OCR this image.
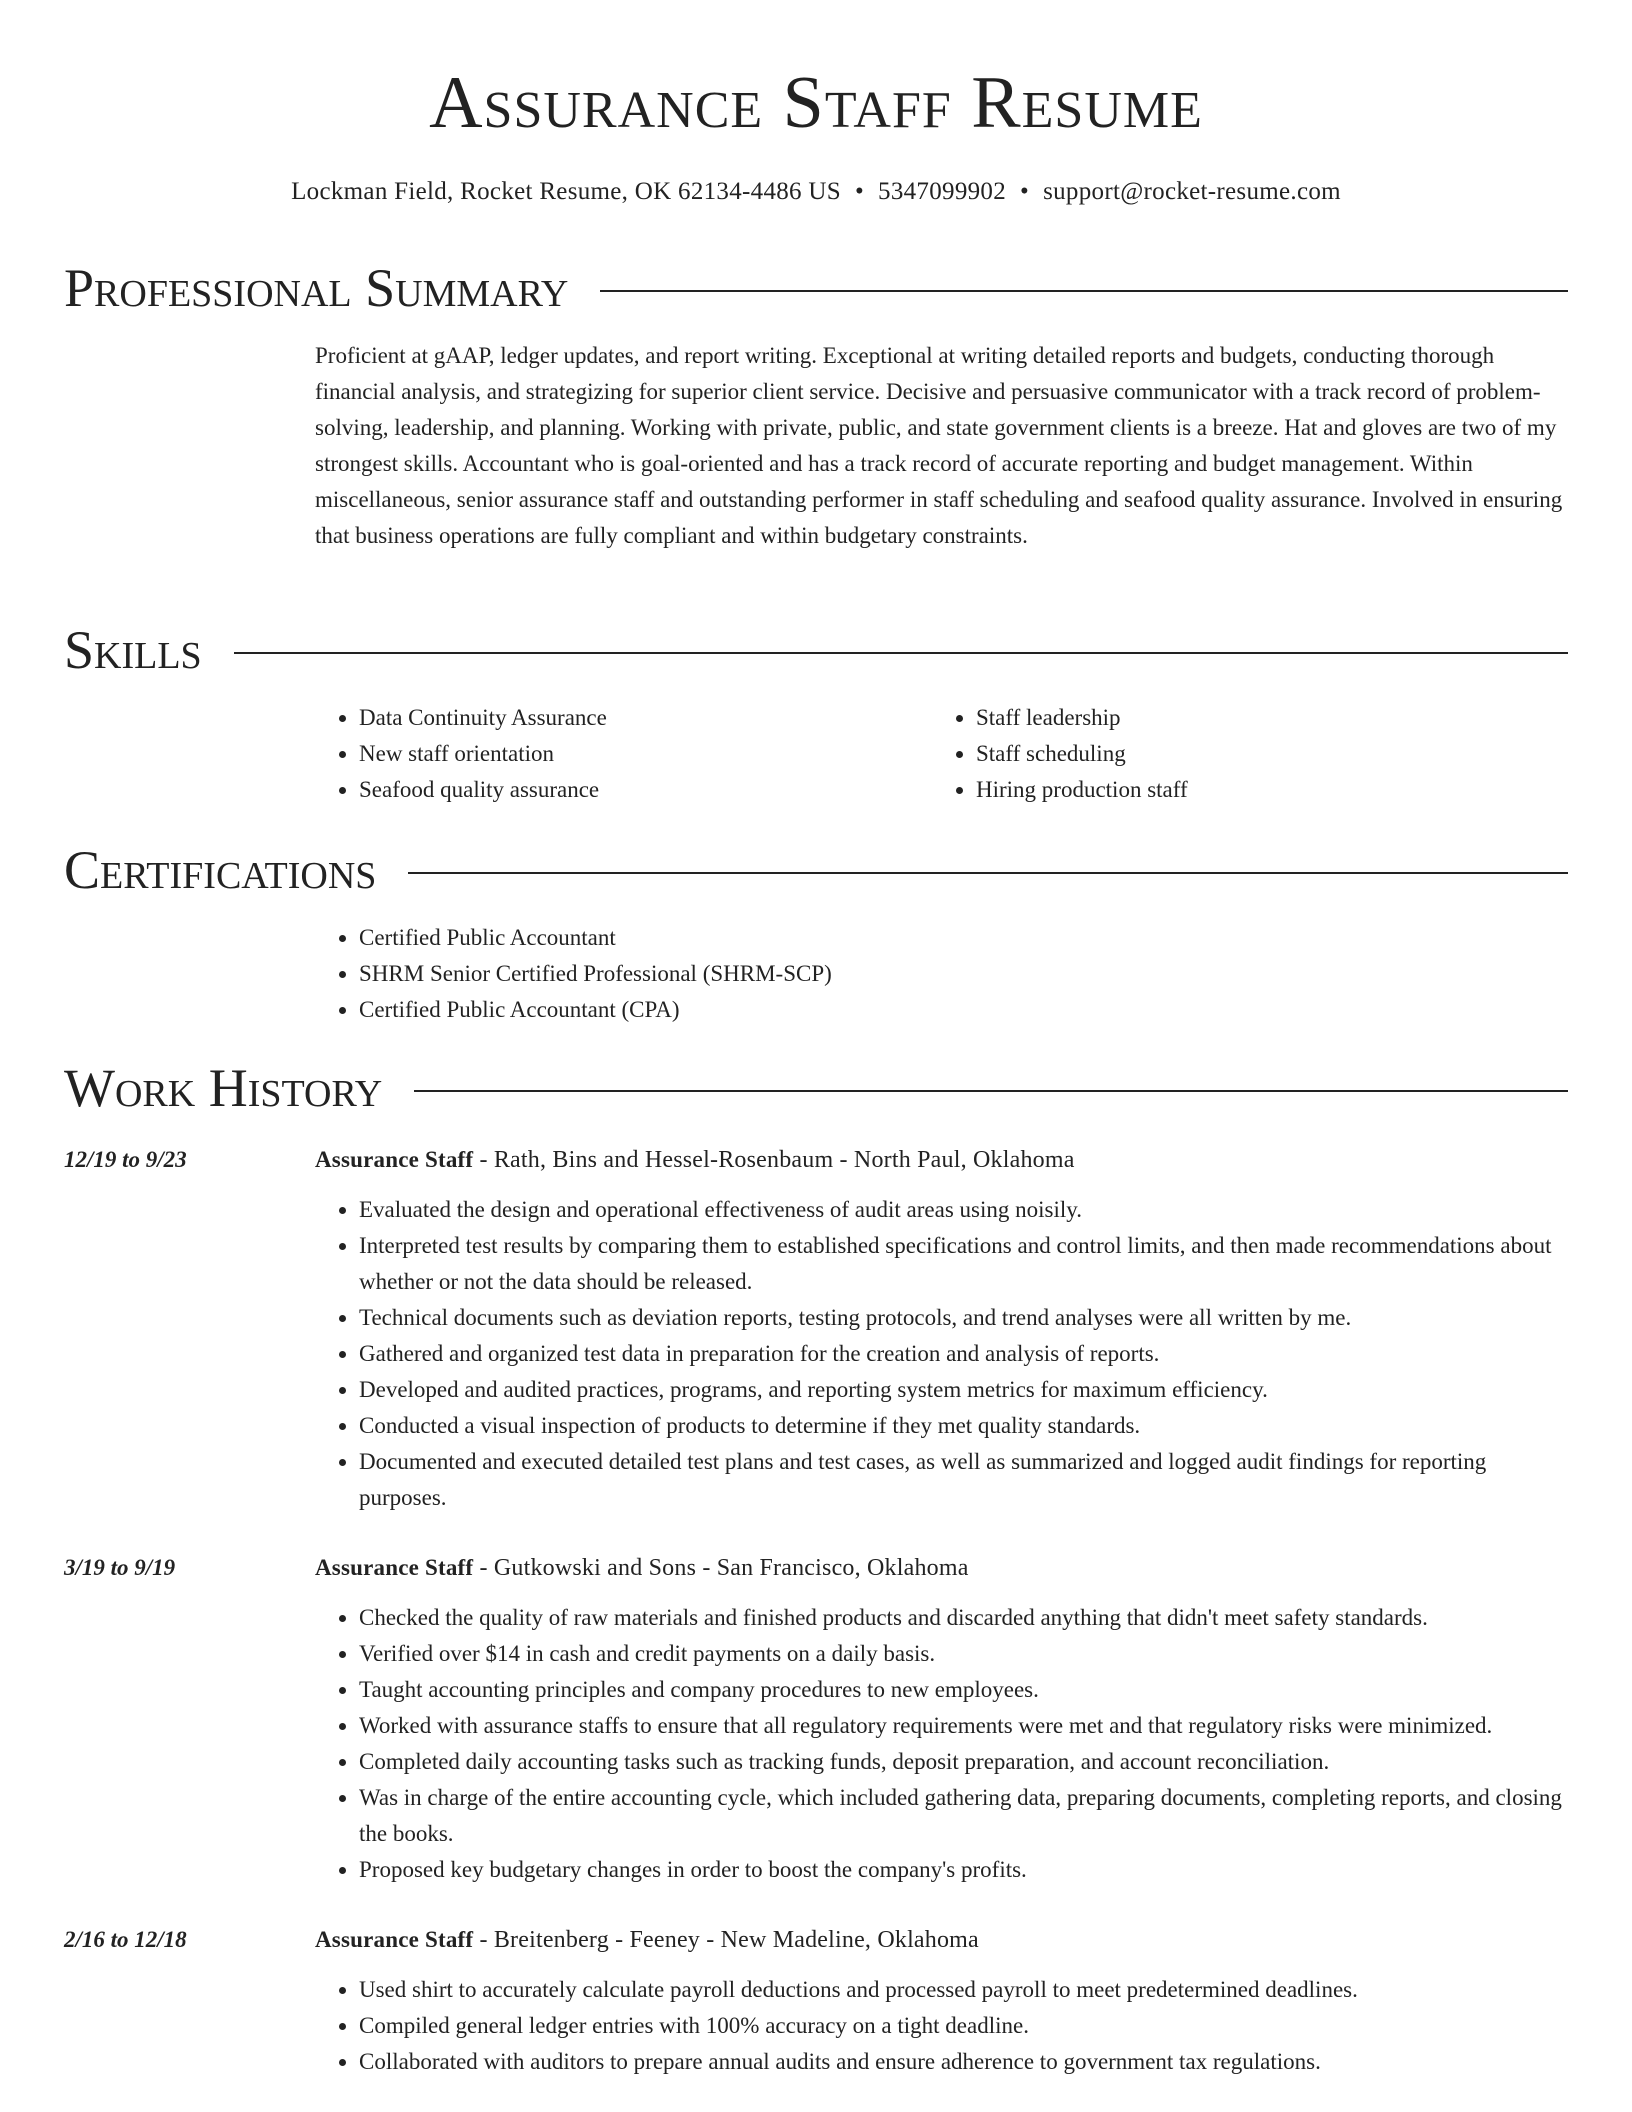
Assurance Staff Resume
Lockman Field, Rocket Resume, OK 62134-4486 US • 5347099902 • support@rocket-resume.com
Professional Summary

Proficient at gAAP, ledger updates, and report writing. Exceptional at writing detailed reports and budgets, conducting thorough financial analysis, and strategizing for superior client service. Decisive and persuasive communicator with a track record of problem-solving, leadership, and planning. Working with private, public, and state government clients is a breeze. Hat and gloves are two of my strongest skills. Accountant who is goal-oriented and has a track record of accurate reporting and budget management. Within miscellaneous, senior assurance staff and outstanding performer in staff scheduling and seafood quality assurance. Involved in ensuring that business operations are fully compliant and within budgetary constraints.

Skills
• Data Continuity Assurance
• New staff orientation
• Seafood quality assurance
• Staff leadership
• Staff scheduling
• Hiring production staff
Certifications
• Certified Public Accountant
• SHRM Senior Certified Professional (SHRM-SCP)
• Certified Public Accountant (CPA)
Work History
12/19 to 9/23	Assurance Staff - Rath, Bins and Hessel-Rosenbaum - North Paul, Oklahoma
• Evaluated the design and operational effectiveness of audit areas using noisily.
• Interpreted test results by comparing them to established specifications and control limits, and then made recommendations about whether or not the data should be released.
• Technical documents such as deviation reports, testing protocols, and trend analyses were all written by me.
• Gathered and organized test data in preparation for the creation and analysis of reports.
• Developed and audited practices, programs, and reporting system metrics for maximum efficiency.
• Conducted a visual inspection of products to determine if they met quality standards.
• Documented and executed detailed test plans and test cases, as well as summarized and logged audit findings for reporting purposes.
3/19 to 9/19	Assurance Staff - Gutkowski and Sons - San Francisco, Oklahoma
• Checked the quality of raw materials and finished products and discarded anything that didn't meet safety standards.
• Verified over $14 in cash and credit payments on a daily basis.
• Taught accounting principles and company procedures to new employees.
• Worked with assurance staffs to ensure that all regulatory requirements were met and that regulatory risks were minimized.
• Completed daily accounting tasks such as tracking funds, deposit preparation, and account reconciliation.
• Was in charge of the entire accounting cycle, which included gathering data, preparing documents, completing reports, and closing the books.
• Proposed key budgetary changes in order to boost the company's profits.
2/16 to 12/18	Assurance Staff - Breitenberg - Feeney - New Madeline, Oklahoma
• Used shirt to accurately calculate payroll deductions and processed payroll to meet predetermined deadlines.
• Compiled general ledger entries with 100% accuracy on a tight deadline.
• Collaborated with auditors to prepare annual audits and ensure adherence to government tax regulations.
